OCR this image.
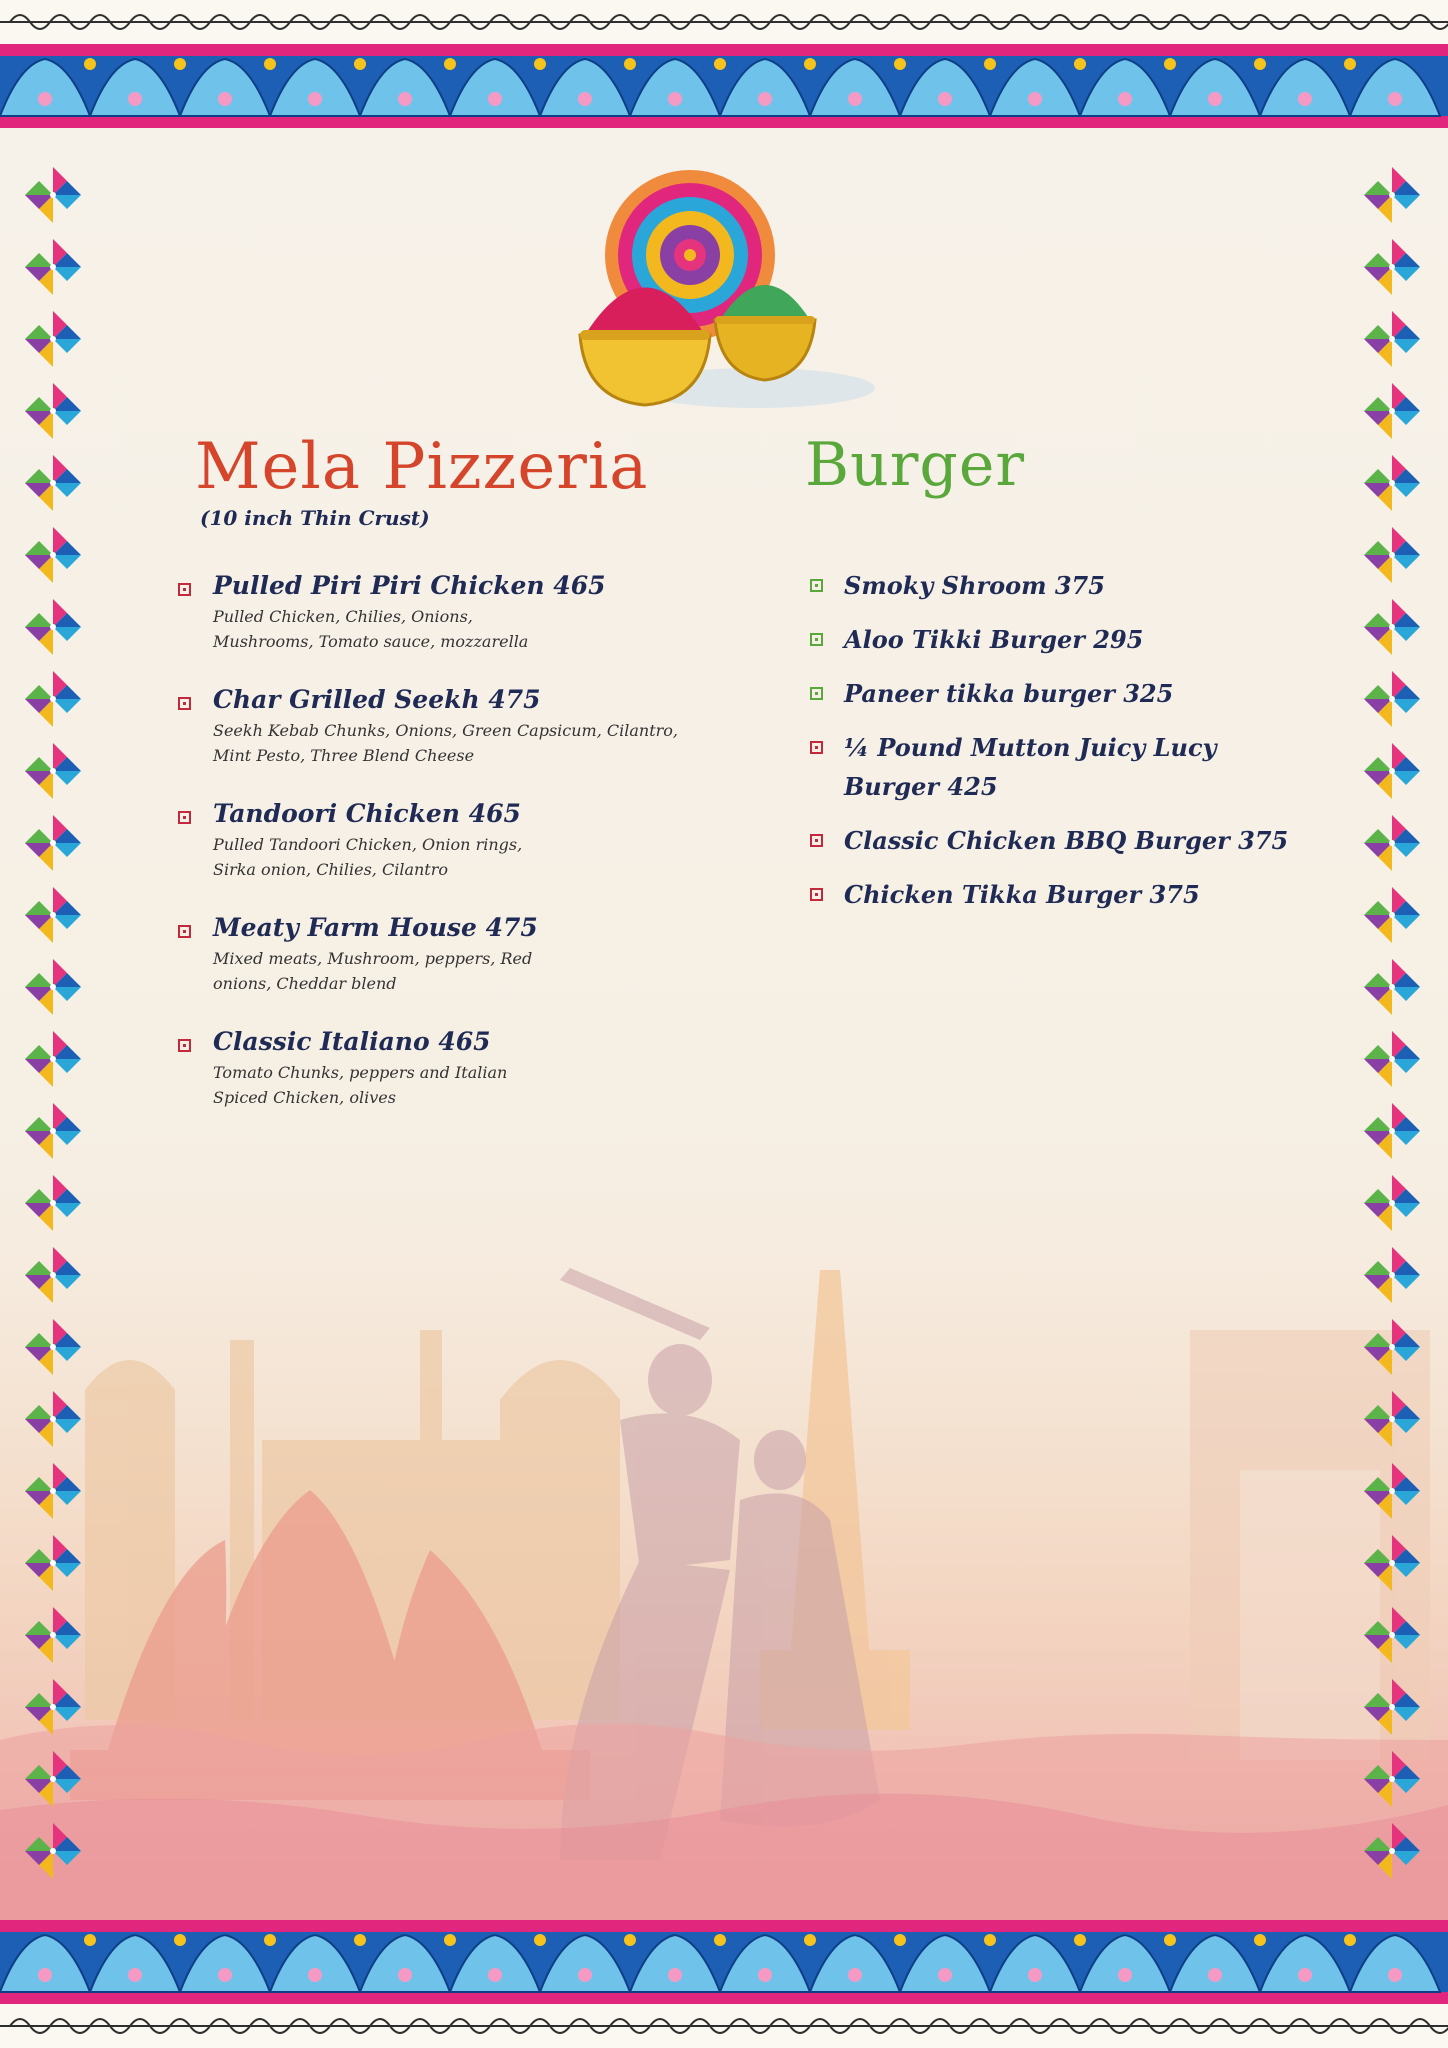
Mela Pizzeria
(10 inch Thin Crust)
Pulled Piri Piri Chicken 465
Pulled Chicken, Chilies, Onions,
Mushrooms, Tomato sauce, mozzarella
Char Grilled Seekh 475
Seekh Kebab Chunks, Onions, Green Capsicum, Cilantro,
Mint Pesto, Three Blend Cheese
Tandoori Chicken 465
Pulled Tandoori Chicken, Onion rings,
Sirka onion, Chilies, Cilantro
Meaty Farm House 475
Mixed meats, Mushroom, peppers, Red
onions, Cheddar blend
Classic Italiano 465
Tomato Chunks, peppers and Italian
Spiced Chicken, olives
Burger
Smoky Shroom 375
Aloo Tikki Burger 295
Paneer tikka burger 325
¼ Pound Mutton Juicy Lucy
Burger 425
Classic Chicken BBQ Burger 375
Chicken Tikka Burger 375
